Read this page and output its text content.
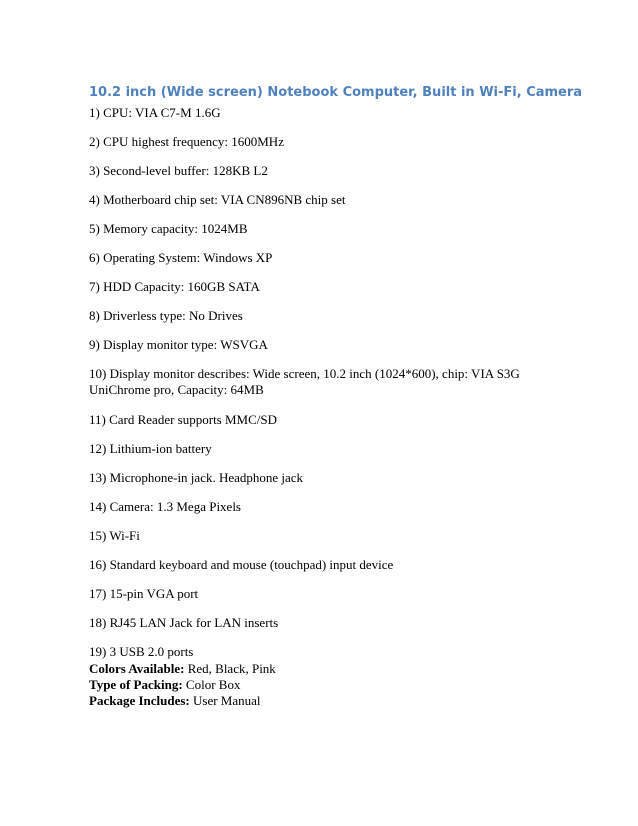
10.2 inch (Wide screen) Notebook Computer, Built in Wi-Fi, Camera
1) CPU: VIA C7-M 1.6G
2) CPU highest frequency: 1600MHz
3) Second-level buffer: 128KB L2
4) Motherboard chip set: VIA CN896NB chip set
5) Memory capacity: 1024MB
6) Operating System: Windows XP
7) HDD Capacity: 160GB SATA
8) Driverless type: No Drives
9) Display monitor type: WSVGA
10) Display monitor describes: Wide screen, 10.2 inch (1024*600), chip: VIA S3G UniChrome pro, Capacity: 64MB
11) Card Reader supports MMC/SD
12) Lithium-ion battery
13) Microphone-in jack. Headphone jack
14) Camera: 1.3 Mega Pixels
15) Wi-Fi
16) Standard keyboard and mouse (touchpad) input device
17) 15-pin VGA port
18) RJ45 LAN Jack for LAN inserts
19) 3 USB 2.0 ports
Colors Available: Red, Black, Pink
Type of Packing: Color Box
Package Includes: User Manual
